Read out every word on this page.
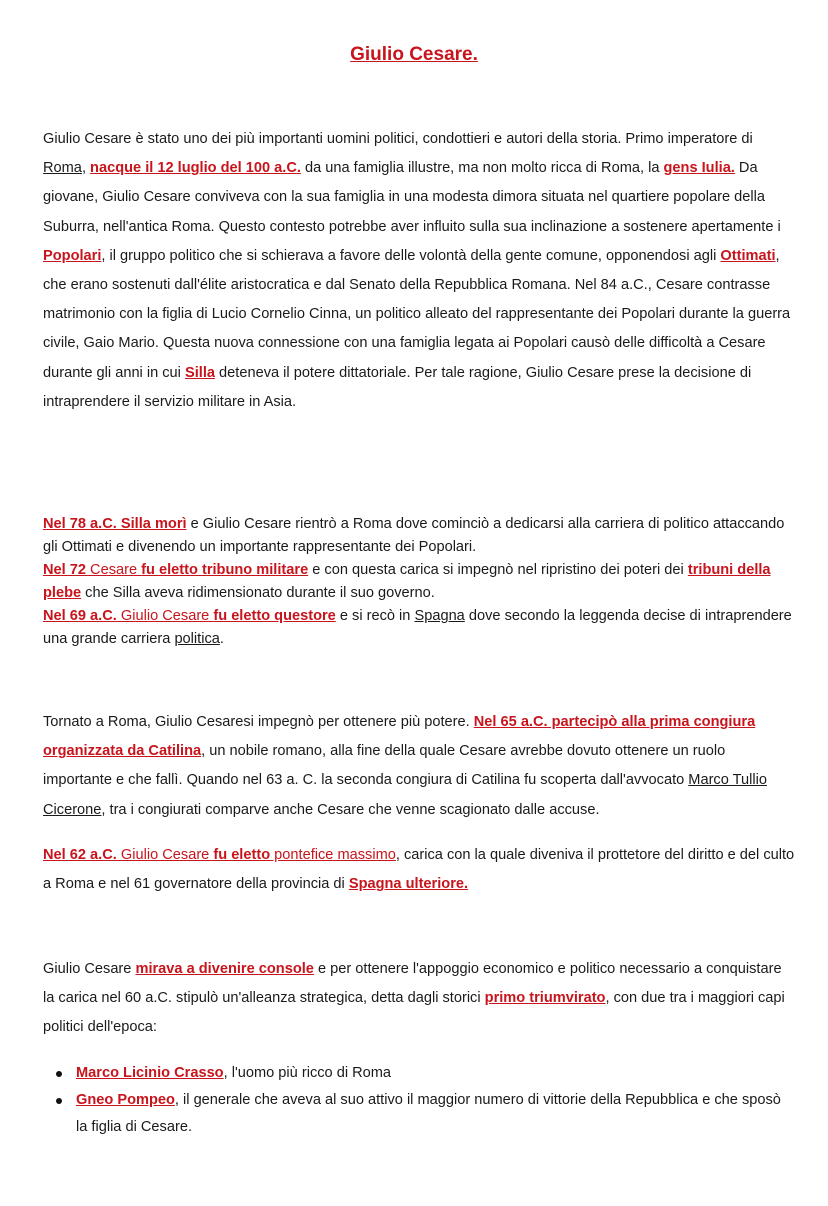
Giulio Cesare.

Giulio Cesare è stato uno dei più importanti uomini politici, condottieri e autori della storia. Primo imperatore di Roma, nacque il 12 luglio del 100 a.C. da una famiglia illustre, ma non molto ricca di Roma, la gens Iulia. Da giovane, Giulio Cesare conviveva con la sua famiglia in una modesta dimora situata nel quartiere popolare della Suburra, nell'antica Roma. Questo contesto potrebbe aver influito sulla sua inclinazione a sostenere apertamente i Popolari, il gruppo politico che si schierava a favore delle volontà della gente comune, opponendosi agli Ottimati, che erano sostenuti dall'élite aristocratica e dal Senato della Repubblica Romana. Nel 84 a.C., Cesare contrasse matrimonio con la figlia di Lucio Cornelio Cinna, un politico alleato del rappresentante dei Popolari durante la guerra civile, Gaio Mario. Questa nuova connessione con una famiglia legata ai Popolari causò delle difficoltà a Cesare durante gli anni in cui Silla deteneva il potere dittatoriale. Per tale ragione, Giulio Cesare prese la decisione di intraprendere il servizio militare in Asia.

Nel 78 a.C. Silla morì e Giulio Cesare rientrò a Roma dove cominciò a dedicarsi alla carriera di politico attaccando gli Ottimati e divenendo un importante rappresentante dei Popolari.
Nel 72 Cesare fu eletto tribuno militare e con questa carica si impegnò nel ripristino dei poteri dei tribuni della plebe che Silla aveva ridimensionato durante il suo governo.
Nel 69 a.C. Giulio Cesare fu eletto questore e si recò in Spagna dove secondo la leggenda decise di intraprendere una grande carriera politica.

Tornato a Roma, Giulio Cesaresi impegnò per ottenere più potere. Nel 65 a.C. partecipò alla prima congiura organizzata da Catilina, un nobile romano, alla fine della quale Cesare avrebbe dovuto ottenere un ruolo importante e che fallì. Quando nel 63 a. C. la seconda congiura di Catilina fu scoperta dall'avvocato Marco Tullio Cicerone, tra i congiurati comparve anche Cesare che venne scagionato dalle accuse.

Nel 62 a.C. Giulio Cesare fu eletto pontefice massimo, carica con la quale diveniva il prottetore del diritto e del culto a Roma e nel 61 governatore della provincia di Spagna ulteriore.

Giulio Cesare mirava a divenire console e per ottenere l'appoggio economico e politico necessario a conquistare la carica nel 60 a.C. stipulò un'alleanza strategica, detta dagli storici primo triumvirato, con due tra i maggiori capi politici dell'epoca:

Marco Licinio Crasso, l'uomo più ricco di Roma
Gneo Pompeo, il generale che aveva al suo attivo il maggior numero di vittorie della Repubblica e che sposò la figlia di Cesare.
